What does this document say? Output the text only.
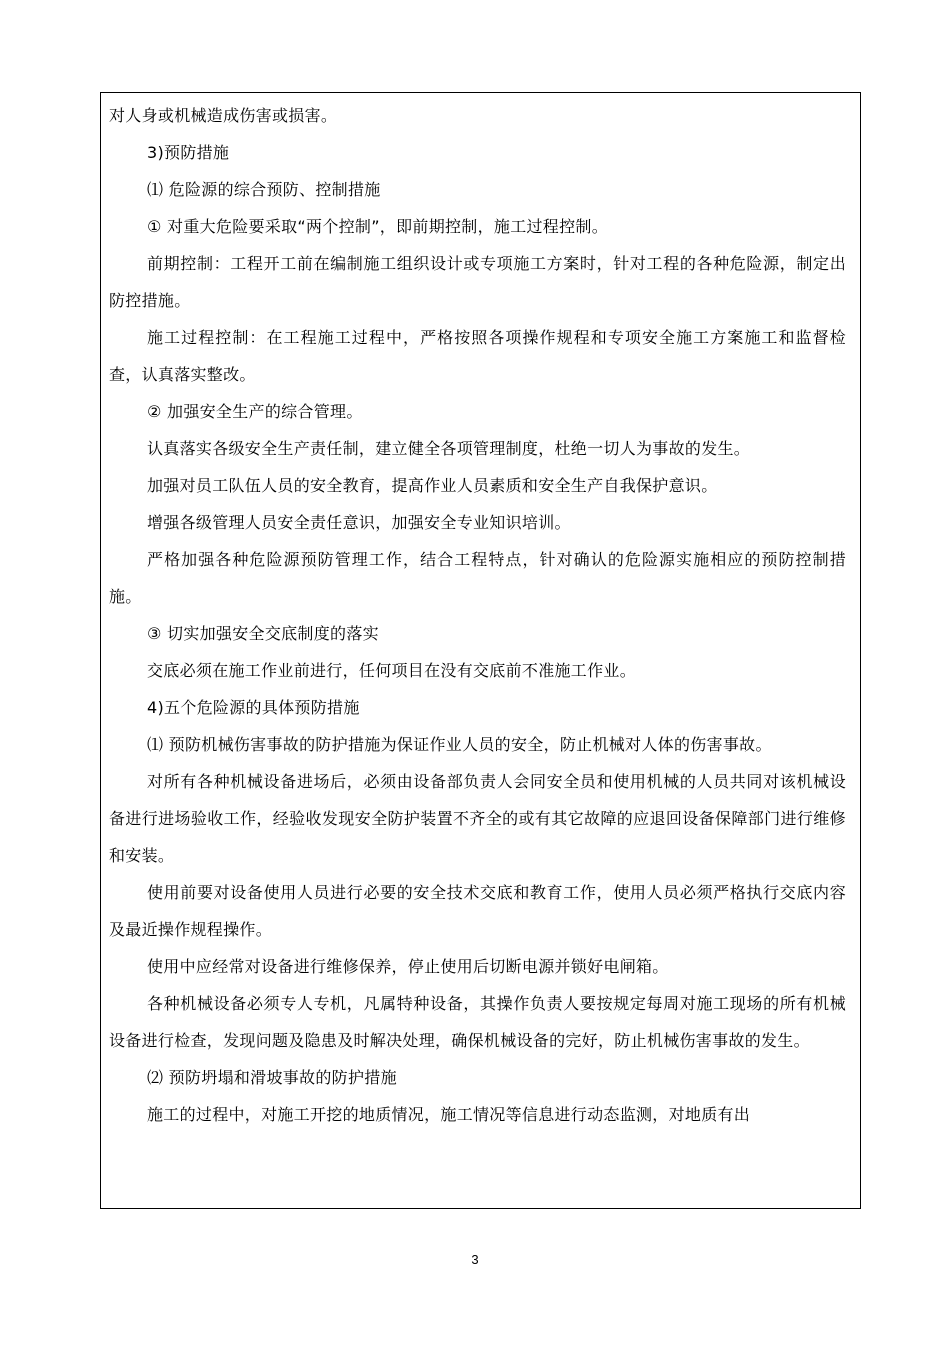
对人身或机械造成伤害或损害。

3)预防措施

⑴ 危险源的综合预防、控制措施

① 对重大危险要采取“两个控制”，即前期控制，施工过程控制。

前期控制：工程开工前在编制施工组织设计或专项施工方案时，针对工程的各种危险源，制定出防控措施。

施工过程控制：在工程施工过程中，严格按照各项操作规程和专项安全施工方案施工和监督检查，认真落实整改。

② 加强安全生产的综合管理。

认真落实各级安全生产责任制，建立健全各项管理制度，杜绝一切人为事故的发生。

加强对员工队伍人员的安全教育，提高作业人员素质和安全生产自我保护意识。

增强各级管理人员安全责任意识，加强安全专业知识培训。

严格加强各种危险源预防管理工作，结合工程特点，针对确认的危险源实施相应的预防控制措施。

③ 切实加强安全交底制度的落实

交底必须在施工作业前进行，任何项目在没有交底前不准施工作业。

4)五个危险源的具体预防措施

⑴ 预防机械伤害事故的防护措施为保证作业人员的安全，防止机械对人体的伤害事故。

对所有各种机械设备进场后，必须由设备部负责人会同安全员和使用机械的人员共同对该机械设备进行进场验收工作，经验收发现安全防护装置不齐全的或有其它故障的应退回设备保障部门进行维修和安装。

使用前要对设备使用人员进行必要的安全技术交底和教育工作，使用人员必须严格执行交底内容及最近操作规程操作。

使用中应经常对设备进行维修保养，停止使用后切断电源并锁好电闸箱。

各种机械设备必须专人专机，凡属特种设备，其操作负责人要按规定每周对施工现场的所有机械设备进行检查，发现问题及隐患及时解决处理，确保机械设备的完好，防止机械伤害事故的发生。

⑵ 预防坍塌和滑坡事故的防护措施

施工的过程中，对施工开挖的地质情况，施工情况等信息进行动态监测，对地质有出

3
